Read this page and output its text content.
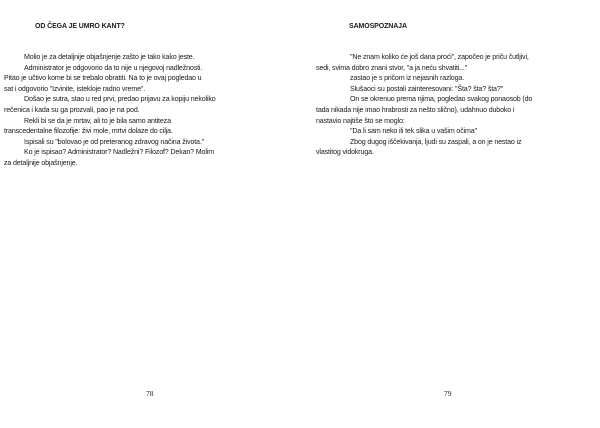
OD ČEGA JE UMRO KANT?
Molio je za detaljnije objašnjenje zašto je tako kako jeste.
Administrator je odgovorio da to nije u njegovoj nadležnosti.
Pitao je učtivo kome bi se trebalo obratiti. Na to je ovaj pogledao u
sat i odgovorio "Izvinite, istekloje radno vreme".
Došao je sutra, stao u red prvi, predao prijavu za kopiju nekoliko
rečenica i kada su ga prozvali, pao je na pod.
Rekli bi se da je mrtav, ali to je bila samo antiteza
transcedentalne filozofije: živi mole, mrtvi dolaze do cilja.
Ispisali su "bolovao je od preteranog zdravog načina života."
Ko je ispisao? Administrator? Nadležni? Filozof? Dekan? Molim
za detaljnije objašnjenje.
78
SAMOSPOZNAJA
"Ne znam koliko će još dana proći", započeo je priču čutljivi,
sedi, svima dobro znani stvor, "a ja neću shvatiti..."
zastao je s pričom iz nejasnih razloga.
Slušaoci su postali zainteresovani: "Šta? šta? šta?"
On se okrenuo prema njima, pogledao svakog ponaosob (do
tada nikada nije imao hrabrosti za nešto slično), udahnuo duboko i
nastavio najtiše što se moglo:
"Da li sam neko ili tek slika u vašim očima"
Zbog dugog iščekivanja, ljudi su zaspali, a on je nestao iz
vlastitog vidokruga.
79
